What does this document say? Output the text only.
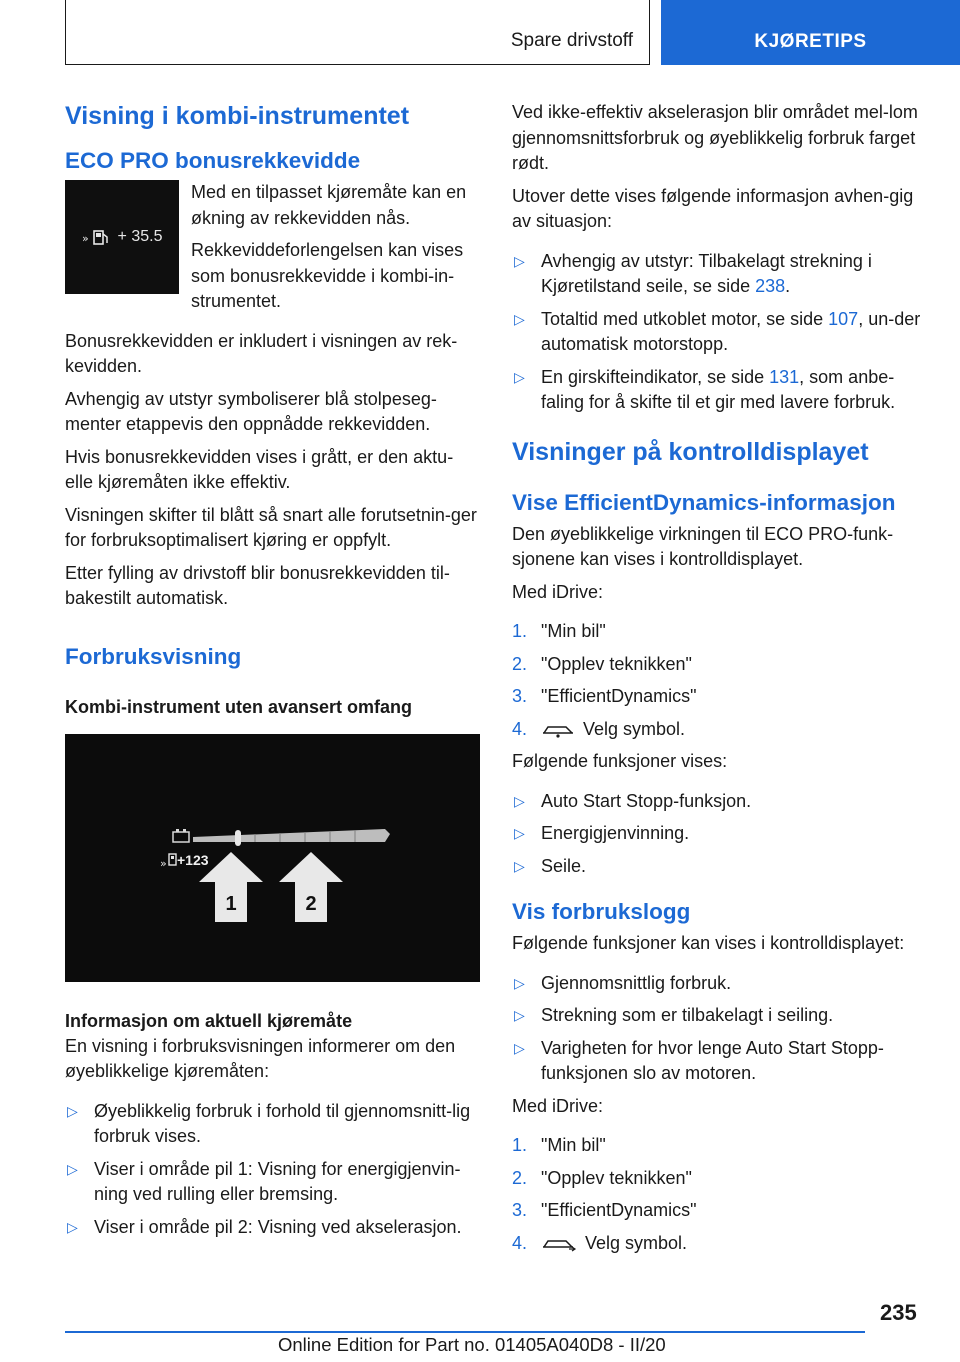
Spare drivstoff	KJØRETIPS
Visning i kombi-instrumentet
ECO PRO bonusrekkevidde
» + 35.5

Med en tilpasset kjøremåte kan en økning av rekkevidden nås.

Rekkeviddeforlengelsen kan vises som bonusrekkevidde i kombi-in-strumentet.

Bonusrekkevidden er inkludert i visningen av rek-kevidden.

Avhengig av utstyr symboliserer blå stolpeseg-menter etappevis den oppnådde rekkevidden.

Hvis bonusrekkevidden vises i grått, er den aktu-elle kjøremåten ikke effektiv.

Visningen skifter til blått så snart alle forutsetnin-ger for forbruksoptimalisert kjøring er oppfylt.

Etter fylling av drivstoff blir bonusrekkevidden til-bakestilt automatisk.

Forbruksvisning
Kombi-instrument uten avansert omfang
» +123
1	2
Informasjon om aktuell kjøremåte

En visning i forbruksvisningen informerer om den øyeblikkelige kjøremåten:

▷ Øyeblikkelig forbruk i forhold til gjennomsnitt-lig forbruk vises.
▷ Viser i område pil 1: Visning for energigjenvin-ning ved rulling eller bremsing.
▷ Viser i område pil 2: Visning ved akselerasjon.

Ved ikke-effektiv akselerasjon blir området mel-lom gjennomsnittsforbruk og øyeblikkelig forbruk farget rødt.

Utover dette vises følgende informasjon avhen-gig av situasjon:

▷ Avhengig av utstyr: Tilbakelagt strekning i Kjøretilstand seile, se side 238.
▷ Totaltid med utkoblet motor, se side 107, un-der automatisk motorstopp.
▷ En girskifteindikator, se side 131, som anbe-faling for å skifte til et gir med lavere forbruk.
Visninger på kontrolldisplayet
Vise EfficientDynamics-informasjon

Den øyeblikkelige virkningen til ECO PRO-funk-sjonene kan vises i kontrolldisplayet.

Med iDrive:

1. "Min bil"
2. "Opplev teknikken"
3. "EfficientDynamics"
4.	Velg symbol.

Følgende funksjoner vises:

▷ Auto Start Stopp-funksjon.
▷ Energigjenvinning.
▷ Seile.
Vis forbrukslogg

Følgende funksjoner kan vises i kontrolldisplayet:

▷ Gjennomsnittlig forbruk.
▷ Strekning som er tilbakelagt i seiling.
▷ Varigheten for hvor lenge Auto Start Stopp-funksjonen slo av motoren.

Med iDrive:

1. "Min bil"
2. "Opplev teknikken"
3. "EfficientDynamics"
4.	Velg symbol.
235
Online Edition for Part no. 01405A040D8 - II/20
